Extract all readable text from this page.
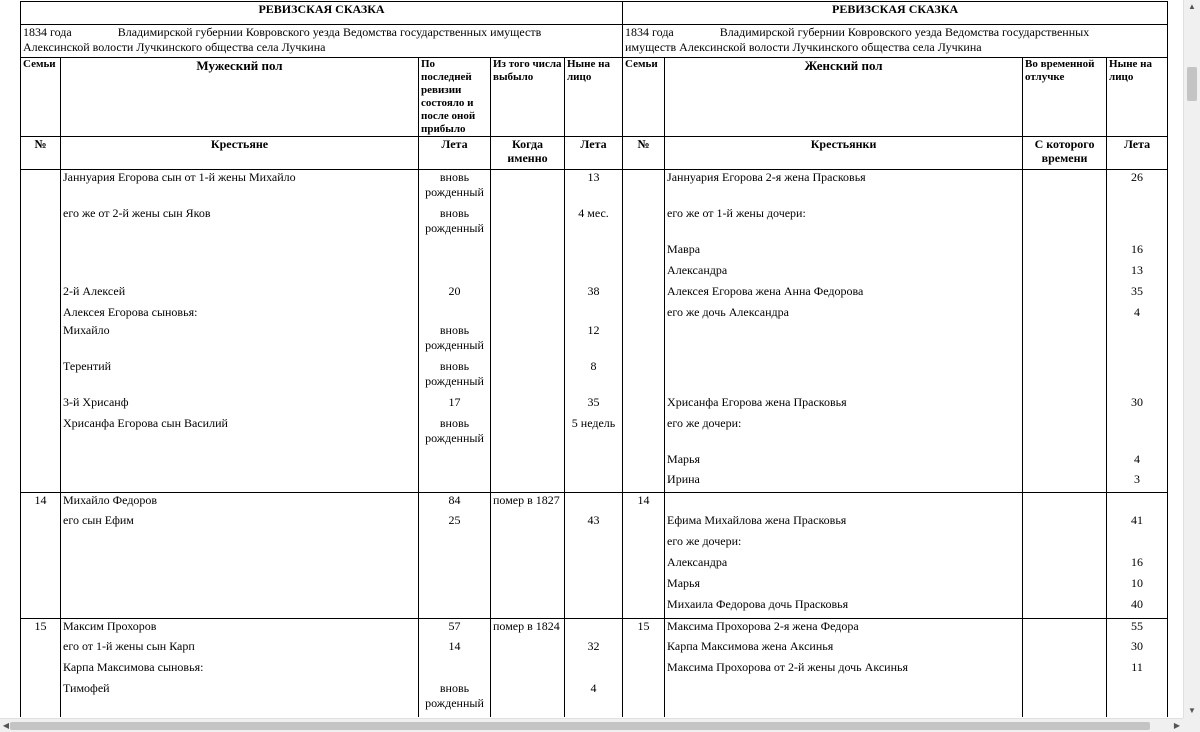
РЕВИЗСКАЯ СКАЗКА					РЕВИЗСКАЯ СКАЗКА			
1834 года Владимирской губернии Ковровского уезда Ведомства государственных имуществ
Алексинской волости Лучкинского общества села Лучкина					1834 года Владимирской губернии Ковровского уезда Ведомства государственных
имуществ Алексинской волости Лучкинского общества села Лучкина			
Семьи	Мужеский пол	По последней ревизии состояло и после оной прибыло	Из того числа выбыло	Ныне на лицо	Семьи	Женский пол	Во временной отлучке	Ныне на лицо
№	Крестьяне	Лета	Когда именно	Лета	№	Крестьянки	С которого времени	Лета
	Jаннуария Егорова сын от 1-й жены Михайло	вновь рожденный		13		Jаннуария Егорова 2-я жена Прасковья		26
	его же от 2-й жены сын Яков	вновь рожденный		4 мес.		его же от 1-й жены дочери:		
						Мавра		16
						Александра		13
	2-й Алексей	20		38		Алексея Егорова жена Анна Федорова		35
	Алексея Егорова сыновья:					его же дочь Александра		4
	Михайло	вновь рожденный		12				
	Терентий	вновь рожденный		8				
	3-й Хрисанф	17		35		Хрисанфа Егорова жена Прасковья		30
	Хрисанфа Егорова сын Василий	вновь рожденный		5 недель		его же дочери:		
						Марья		4
						Ирина		3
14	Михайло Федоров	84	помер в 1827		14			
	его сын Ефим	25		43		Ефима Михайлова жена Прасковья		41
						его же дочери:		
						Александра		16
						Марья		10
						Михаила Федорова дочь Прасковья		40
15	Максим Прохоров	57	помер в 1824		15	Максима Прохорова 2-я жена Федора		55
	его от 1-й жены сын Карп	14		32		Карпа Максимова жена Аксинья		30
	Карпа Максимова сыновья:					Максима Прохорова от 2-й жены дочь Аксинья		11
	Тимофей	вновь рожденный		4				
▲
▼
◀	▶
